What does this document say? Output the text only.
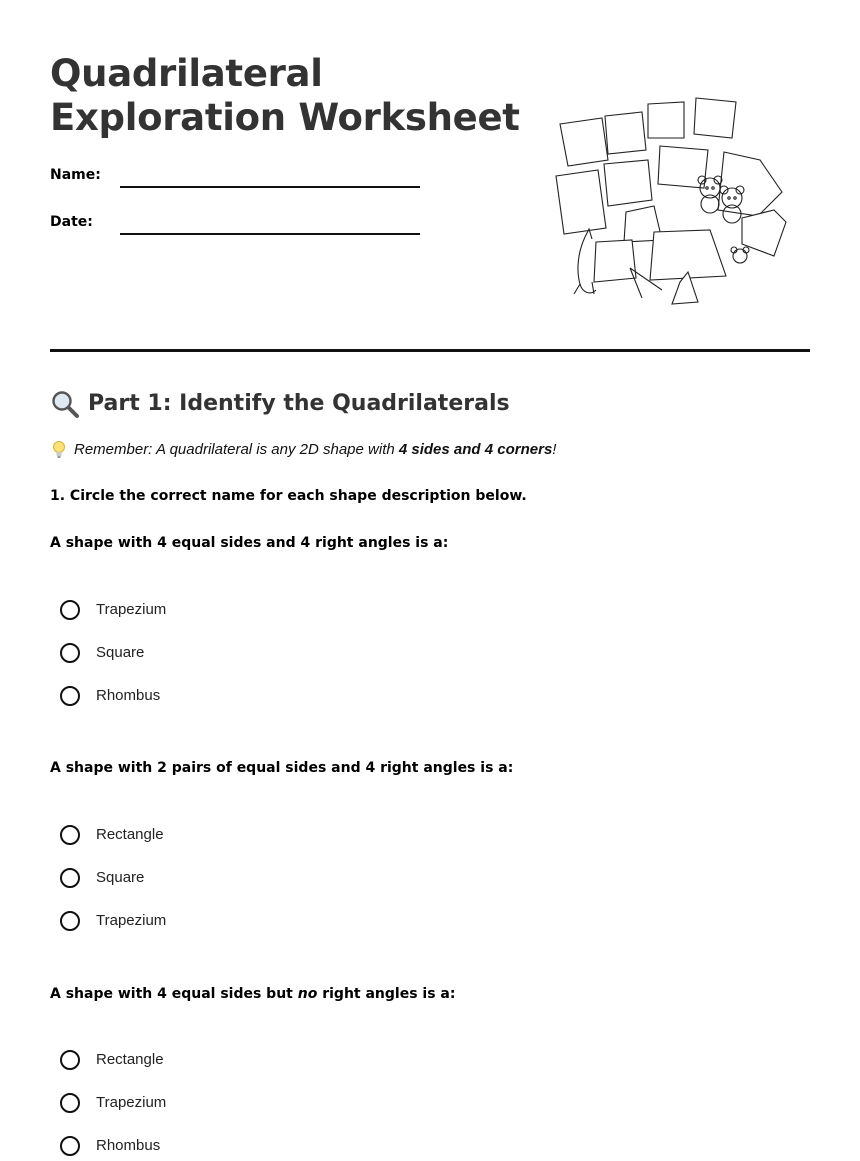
Quadrilateral
Exploration Worksheet
Name:
Date:
Part 1: Identify the Quadrilaterals
Remember: A quadrilateral is any 2D shape with 4 sides and 4 corners!

1. Circle the correct name for each shape description below.

A shape with 4 equal sides and 4 right angles is a:

Trapezium
Square
Rhombus

A shape with 2 pairs of equal sides and 4 right angles is a:

Rectangle
Square
Trapezium

A shape with 4 equal sides but no right angles is a:

Rectangle
Trapezium
Rhombus
